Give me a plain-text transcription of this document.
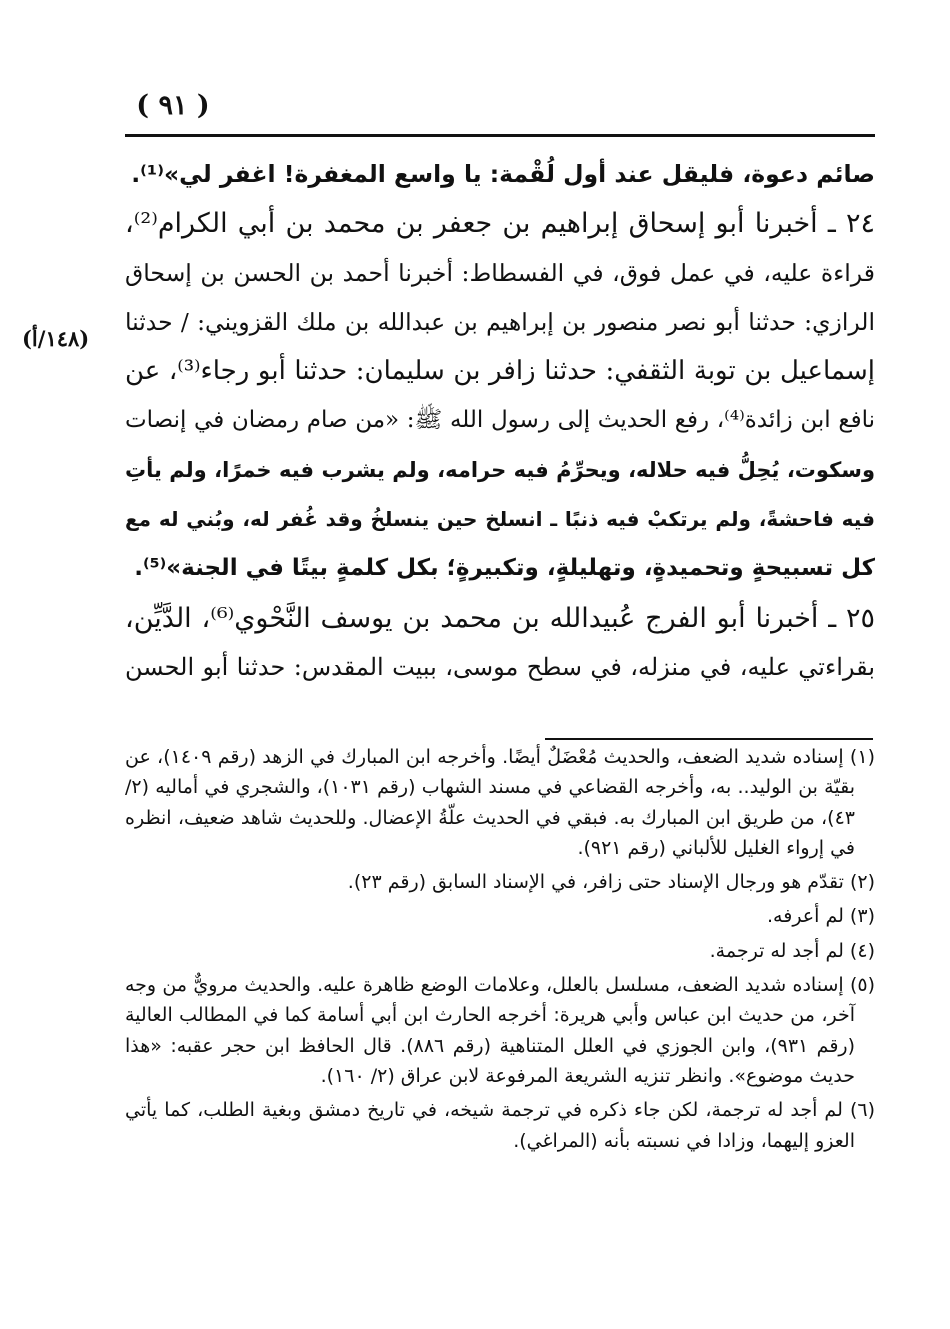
( ٩١ )
صائم دعوة، فليقل عند أول لُقْمة: يا واسع المغفرة! اغفر لي»⁽¹⁾.
٢٤ ـ أخبرنا أبو إسحاق إبراهيم بن جعفر بن محمد بن أبي الكرام⁽²⁾،
قراءة عليه، في عمل فوق، في الفسطاط: أخبرنا أحمد بن الحسن بن إسحاق
الرازي: حدثنا أبو نصر منصور بن إبراهيم بن عبدالله بن ملك القزويني: / حدثنا
إسماعيل بن توبة الثقفي: حدثنا زافر بن سليمان: حدثنا أبو رجاء⁽³⁾، عن
نافع ابن زائدة⁽⁴⁾، رفع الحديث إلى رسول الله ﷺ: «من صام رمضان في إنصات
وسكوت، يُحِلُّ فيه حلاله، ويحرِّمُ فيه حرامه، ولم يشرب فيه خمرًا، ولم يأتِ
فيه فاحشةً، ولم يرتكبْ فيه ذنبًا ـ انسلخ حين ينسلخُ وقد غُفر له، وبُني له مع
كل تسبيحةٍ وتحميدةٍ، وتهليلةٍ، وتكبيرةٍ؛ بكل كلمةٍ بيتًا في الجنة»⁽⁵⁾.
٢٥ ـ أخبرنا أبو الفرج عُبيدالله بن محمد بن يوسف النَّحْوي⁽⁶⁾، الدَّيِّن،
بقراءتي عليه، في منزله، في سطح موسى، ببيت المقدس: حدثنا أبو الحسن
(١٤٨/أ)
(١) إسناده شديد الضعف، والحديث مُعْضَلٌ أيضًا. وأخرجه ابن المبارك في الزهد (رقم ١٤٠٩)، عن بقيّة بن الوليد.. به، وأخرجه القضاعي في مسند الشهاب (رقم ١٠٣١)، والشجري في أماليه (٢/ ٤٣)، من طريق ابن المبارك به. فبقي في الحديث علّةُ الإعضال. وللحديث شاهد ضعيف، انظره في إرواء الغليل للألباني (رقم ٩٢١).
(٢) تقدّم هو ورجال الإسناد حتى زافر، في الإسناد السابق (رقم ٢٣).
(٣) لم أعرفه.
(٤) لم أجد له ترجمة.
(٥) إسناده شديد الضعف، مسلسل بالعلل، وعلامات الوضع ظاهرة عليه. والحديث مرويٌّ من وجه آخر، من حديث ابن عباس وأبي هريرة: أخرجه الحارث ابن أبي أسامة كما في المطالب العالية (رقم ٩٣١)، وابن الجوزي في العلل المتناهية (رقم ٨٨٦). قال الحافظ ابن حجر عقبه: «هذا حديث موضوع». وانظر تنزيه الشريعة المرفوعة لابن عراق (٢/ ١٦٠).
(٦) لم أجد له ترجمة، لكن جاء ذكره في ترجمة شيخه، في تاريخ دمشق وبغية الطلب، كما يأتي العزو إليهما، وزادا في نسبته بأنه (المراغي).
